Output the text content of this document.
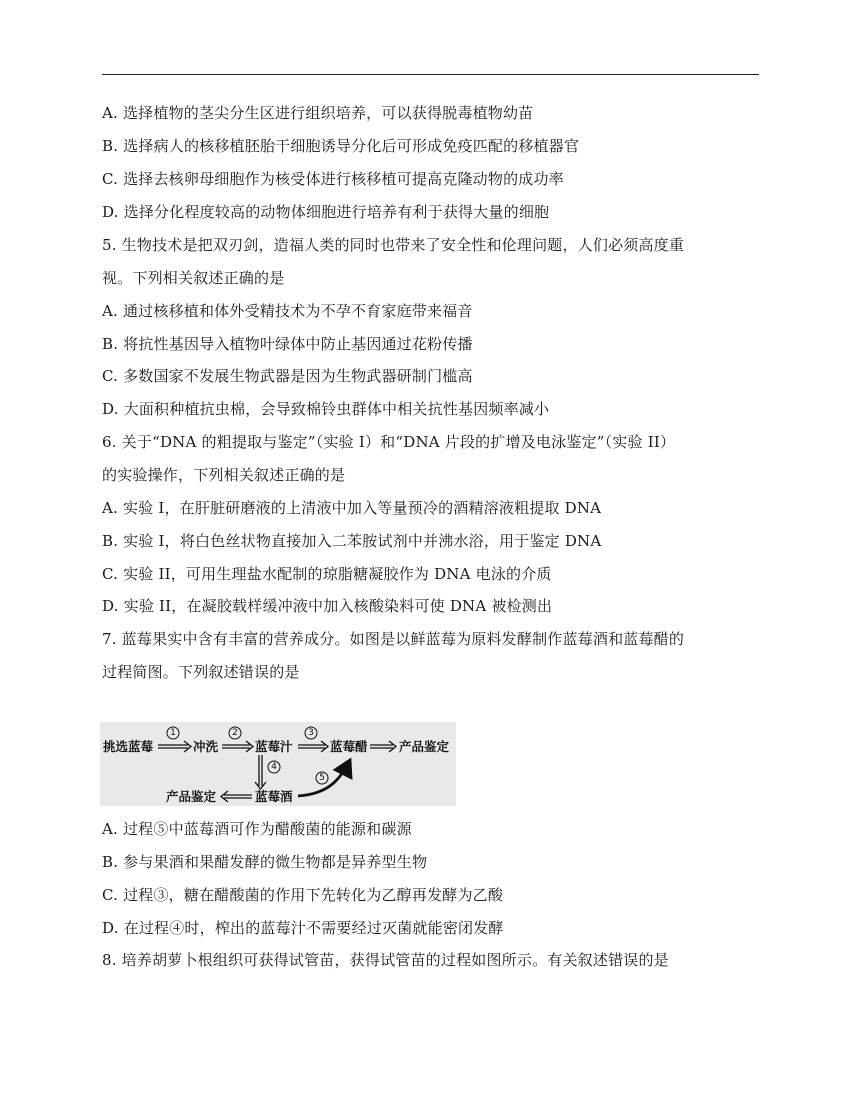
A. 选择植物的茎尖分生区进行组织培养，可以获得脱毒植物幼苗
B. 选择病人的核移植胚胎干细胞诱导分化后可形成免疫匹配的移植器官
C. 选择去核卵母细胞作为核受体进行核移植可提高克隆动物的成功率
D. 选择分化程度较高的动物体细胞进行培养有利于获得大量的细胞
5. 生物技术是把双刃剑，造福人类的同时也带来了安全性和伦理问题，人们必须高度重
视。下列相关叙述正确的是
A. 通过核移植和体外受精技术为不孕不育家庭带来福音
B. 将抗性基因导入植物叶绿体中防止基因通过花粉传播
C. 多数国家不发展生物武器是因为生物武器研制门槛高
D. 大面积种植抗虫棉，会导致棉铃虫群体中相关抗性基因频率减小
6. 关于“DNA 的粗提取与鉴定”（实验 I）和“DNA 片段的扩增及电泳鉴定”（实验 II）
的实验操作，下列相关叙述正确的是
A. 实验 I，在肝脏研磨液的上清液中加入等量预冷的酒精溶液粗提取 DNA
B. 实验 I，将白色丝状物直接加入二苯胺试剂中并沸水浴，用于鉴定 DNA
C. 实验 II，可用生理盐水配制的琼脂糖凝胶作为 DNA 电泳的介质
D. 实验 II，在凝胶载样缓冲液中加入核酸染料可使 DNA 被检测出
7. 蓝莓果实中含有丰富的营养成分。如图是以鲜蓝莓为原料发酵制作蓝莓酒和蓝莓醋的
过程简图。下列叙述错误的是
挑选蓝莓	冲洗	蓝莓汁	蓝莓醋	产品鉴定
产品鉴定	蓝莓酒
1	2	3
4
5
A. 过程⑤中蓝莓酒可作为醋酸菌的能源和碳源
B. 参与果酒和果醋发酵的微生物都是异养型生物
C. 过程③，糖在醋酸菌的作用下先转化为乙醇再发酵为乙酸
D. 在过程④时，榨出的蓝莓汁不需要经过灭菌就能密闭发酵
8. 培养胡萝卜根组织可获得试管苗，获得试管苗的过程如图所示。有关叙述错误的是
